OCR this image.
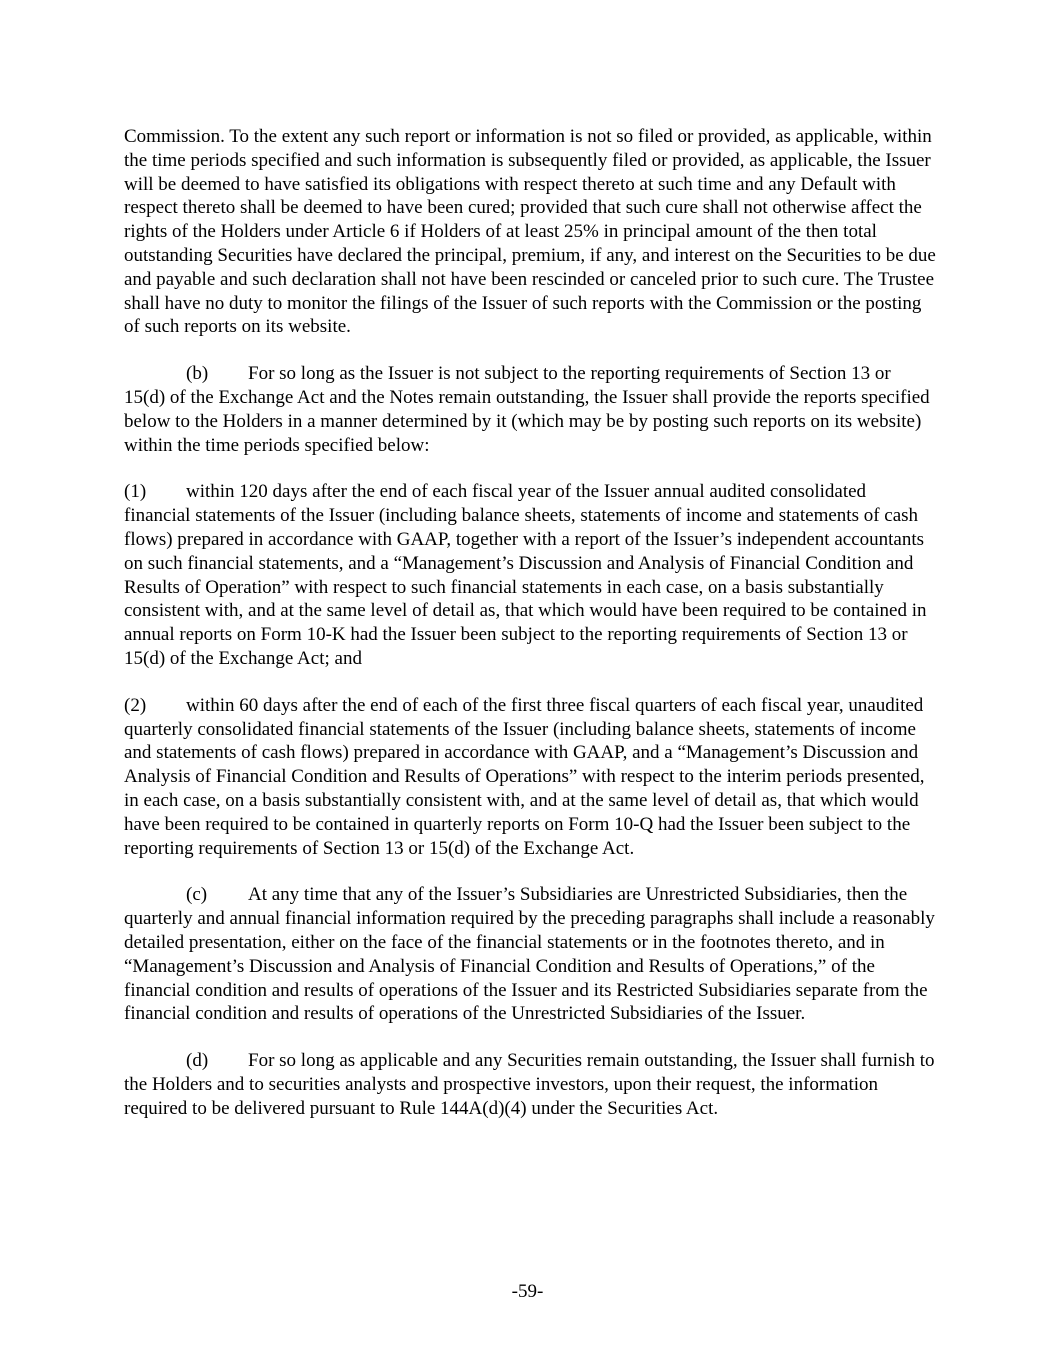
Commission. To the extent any such report or information is not so filed or provided, as applicable, within the time periods specified and such information is subsequently filed or provided, as applicable, the Issuer will be deemed to have satisfied its obligations with respect thereto at such time and any Default with respect thereto shall be deemed to have been cured; provided that such cure shall not otherwise affect the rights of the Holders under Article 6 if Holders of at least 25% in principal amount of the then total outstanding Securities have declared the principal, premium, if any, and interest on the Securities to be due and payable and such declaration shall not have been rescinded or canceled prior to such cure. The Trustee shall have no duty to monitor the filings of the Issuer of such reports with the Commission or the posting of such reports on its website.

(b) For so long as the Issuer is not subject to the reporting requirements of Section 13 or 15(d) of the Exchange Act and the Notes remain outstanding, the Issuer shall provide the reports specified below to the Holders in a manner determined by it (which may be by posting such reports on its website) within the time periods specified below:

(1) within 120 days after the end of each fiscal year of the Issuer annual audited consolidated financial statements of the Issuer (including balance sheets, statements of income and statements of cash flows) prepared in accordance with GAAP, together with a report of the Issuer’s independent accountants on such financial statements, and a “Management’s Discussion and Analysis of Financial Condition and Results of Operation” with respect to such financial statements in each case, on a basis substantially consistent with, and at the same level of detail as, that which would have been required to be contained in annual reports on Form 10-K had the Issuer been subject to the reporting requirements of Section 13 or 15(d) of the Exchange Act; and

(2) within 60 days after the end of each of the first three fiscal quarters of each fiscal year, unaudited quarterly consolidated financial statements of the Issuer (including balance sheets, statements of income and statements of cash flows) prepared in accordance with GAAP, and a “Management’s Discussion and Analysis of Financial Condition and Results of Operations” with respect to the interim periods presented, in each case, on a basis substantially consistent with, and at the same level of detail as, that which would have been required to be contained in quarterly reports on Form 10-Q had the Issuer been subject to the reporting requirements of Section 13 or 15(d) of the Exchange Act.

(c) At any time that any of the Issuer’s Subsidiaries are Unrestricted Subsidiaries, then the quarterly and annual financial information required by the preceding paragraphs shall include a reasonably detailed presentation, either on the face of the financial statements or in the footnotes thereto, and in “Management’s Discussion and Analysis of Financial Condition and Results of Operations,” of the financial condition and results of operations of the Issuer and its Restricted Subsidiaries separate from the financial condition and results of operations of the Unrestricted Subsidiaries of the Issuer.

(d) For so long as applicable and any Securities remain outstanding, the Issuer shall furnish to the Holders and to securities analysts and prospective investors, upon their request, the information required to be delivered pursuant to Rule 144A(d)(4) under the Securities Act.

-59-
